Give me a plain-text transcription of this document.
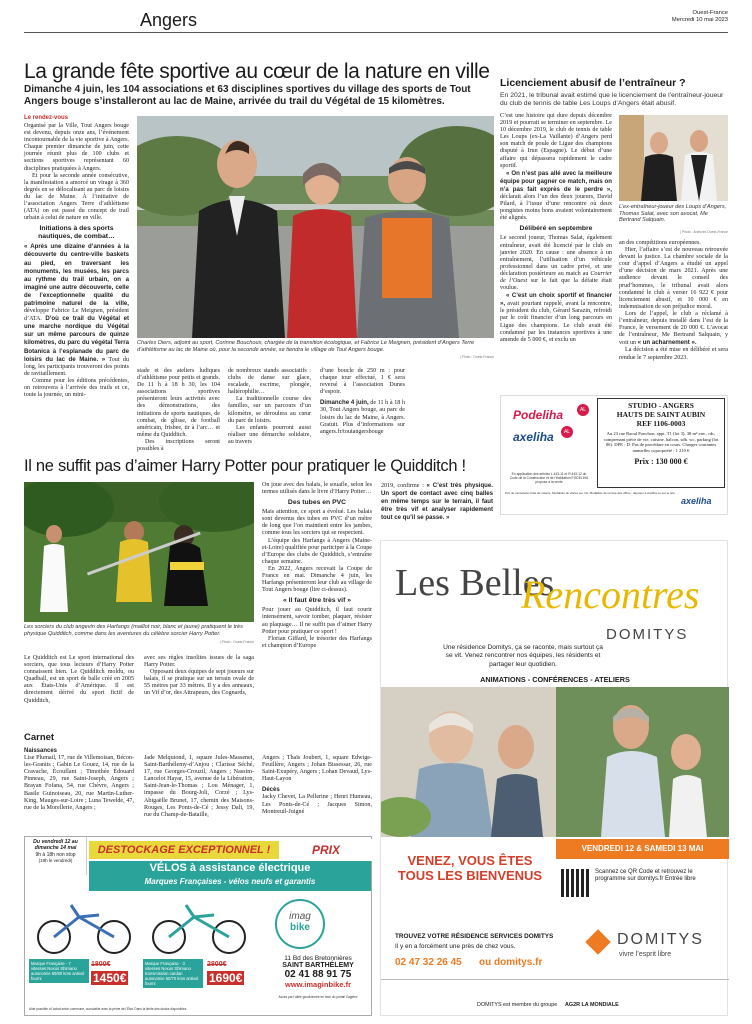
Angers	Ouest-France
Mercredi 10 mai 2023
La grande fête sportive au cœur de la nature en ville
Dimanche 4 juin, les 104 associations et 63 disciplines sportives du village des sports de Tout Angers bouge s’installeront au lac de Maine, arrivée du trail du Végétal de 15 kilomètres.
Le rendez-vous
Organisé par la Ville, Tout Angers bouge est devenu, depuis onze ans, l’événement incontournable de la vie sportive à Angers. Chaque premier dimanche de juin, cette journée réunit plus de 100 clubs et sections sportives représentant 60 disciplines pratiquées à Angers.
Et pour la seconde année consécutive, la manifestation a amorcé un virage à 360 degrés en se délocalisant au parc de loisirs du lac de Maine. À l’initiative de l’association Angers Terre d’athlétisme (ATA) on est passé du concept de trail urbain à celui de nature en ville.
Initiations à des sports nautiques, de combat…
« Après une dizaine d’années à la découverte du centre-ville baskets au pied, en traversant les monuments, les musées, les parcs au rythme du trail urbain, on a imaginé une autre découverte, celle de l’exceptionnelle qualité du patrimoine naturel de la ville, développe Fabrice Le Meignen, président d’ATA. D’où ce trail du Végétal et une marche nordique du Végétal sur un même parcours de quinze kilomètres, du parc du végétal Terra Botanica à l’esplanade du parc de loisirs du lac de Maine. » Tout du long, les participants trouveront des points de ravitaillement.
Comme pour les éditions précédentes, on retrouvera à l’arrivée des trails et ce, toute la journée, un mini-
Charles Diers, adjoint au sport, Corinne Bouchoux, chargée de la transition écologique, et Fabrice Le Meignen, président d’Angers Terre d’athlétisme au lac de Maine où, pour la seconde année, se tiendra le village de Tout Angers bouge.
| Photo : Ouest-France
stade et des ateliers ludiques d’athlétisme pour petits et grands. De 11 h à 18 h 30, les 104 associations sportives présenteront leurs activités avec des démonstrations, des initiations de sports nautiques, de combat, de glisse, de football américain, frisbee, tir à l’arc… et même du Quidditch.
Des inscriptions seront possibles à
de nombreux stands associatifs : clubs de danse sur glace, escalade, escrime, plongée, haltérophilie…
La traditionnelle course des familles, sur un parcours d’un kilomètre, se déroulera au cœur du parc de loisirs.
Les enfants pourront aussi réaliser une démarche solidaire, au travers
d’une boucle de 250 m : pour chaque tour effectué, 1 € sera reversé à l’association Dunes d’espoir.
Dimanche 4 juin, de 11 h à 18 h 30, Tout Angers bouge, au parc de loisirs du lac de Maine, à Angers. Gratuit. Plus d’informations sur angers.fr/toutangersbouge
Licenciement abusif de l’entraîneur ?
En 2021, le tribunal avait estimé que le licenciement de l’entraîneur-joueur du club de tennis de table Les Loups d’Angers était abusif.
C’est une histoire qui dure depuis décembre 2019 et pourrait se terminer en septembre. Le 10 décembre 2019, le club de tennis de table Les Loups (ex-La Vaillante) d’Angers perd son match de poule de Ligue des champions disputé à Irun (Espagne). Le début d’une affaire qui dépassera rapidement le cadre sportif.
« On n’est pas allé avec la meilleure équipe pour gagner ce match, mais on n’a pas fait exprès de le perdre », déclarait alors l’un des deux joueurs, David Pilard, à l’issue d’une rencontre où deux pongistes moins bons avaient volontairement été alignés.
Délibéré en septembre
Le second joueur, Thomas Salat, également entraîneur, avait été licencié par le club en janvier 2020. En cause : une absence à un entraînement, l’utilisation d’un véhicule professionnel dans un cadre privé, et une déclaration postérieure au match au Courrier de l’Ouest sur le fait que la défaite était voulue.
« C’est un choix sportif et financier », avait pourtant rappelé, avant la rencontre, le président du club, Gérard Sarazin, refroidi par le coût financier d’un long parcours en Ligue des champions. Le club avait été condamné par les instances sportives à une amende de 5 000 €, et exclu un
L’ex-entraîneur-joueur des Loups d’Angers, Thomas Salat, avec son avocat, Me Bertrand Salquain.
| Photo : Archives Ouest-France
an des compétitions européennes.
Hier, l’affaire s’est de nouveau retrouvée devant la justice. La chambre sociale de la cour d’appel d’Angers a étudié un appel d’une décision de mars 2021. Après une audience devant le conseil des prud’hommes, le tribunal avait alors condamné le club à verser 16 922 € pour licenciement abusif, et 10 000 € en indemnisation de son préjudice moral.
Lors de l’appel, le club a réclamé à l’entraîneur, depuis installé dans l’est de la France, le versement de 20 000 €. L’avocat de l’entraîneur, Me Bertrand Salquain, y voit un « un acharnement ».
La décision a été mise en délibéré et sera rendue le 7 septembre 2023.
Podeliha	AL
axeliha	AL
En application des articles L.443-11 et R.443-12 du Code de la Construction et de l’Habitation PODELIHA propose à la vente
STUDIO - ANGERS
HAUTS DE SAINT AUBIN
REF 1106-0003
Au 23 rue Raoul Ponchon, appt. T1 (lot 3), 38 m² env., rdc, comprenant pièce de vie, cuisine, balcon, sdb. wc, parking (lot 86). DPE : D. Pas de procédure en cours. Charges courantes annuelles copropriété : 1 210 €
Prix : 130 000 €
Prix de vente/avec frais de notaire. Modalités de visites sur rdv. Modalités de remise des offres : déposer à Axéliha ou sur le site.
axeliha
Il ne suffit pas d’aimer Harry Potter pour pratiquer le Quidditch !
Les sorciers du club angevin des Harfangs (maillot noir, blanc et jaune) pratiquent le très physique Quidditch, comme dans les aventures du célèbre sorcier Harry Potter.
| Photo : Ouest-France
Le Quidditch est Le sport international des sorciers, que tous lecteurs d’Harry Potter connaissent bien. Le Quidditch moldu, ou Quadball, est un sport de balle créé en 2005 aux États-Unis d’Amérique. Il est directement dérivé du sport fictif de Quidditch,
avec ses règles insolites issues de la saga Harry Potter.
Opposant deux équipes de sept joueurs sur balais, il se pratique sur un terrain ovale de 55 mètres par 33 mètres. Il y a des anneaux, un Vif d’or, des Attrapeurs, des Cognards,
On joue avec des balais, le souafle, selon les termes utilisés dans le livre d’Harry Potter…
Des tubes en PVC
Mais attention, ce sport a évolué. Les balais sont devenus des tubes en PVC d’un mètre de long que l’on maintient entre les jambes, comme tous les sorciers qui se respectent.
L’équipe des Harfangs à Angers (Maine-et-Loire) qualifiée pour participer à la Coupe d’Europe des clubs de Quidditch, s’entraîne chaque semaine.
En 2022, Angers recevait la Coupe de France en mai. Dimanche 4 juin, les Harfangs présenteront leur club au village de Tout Angers bouge (lire ci-dessus).
« Il faut être très vif »
Pour jouer au Quidditch, il faut courir intensément, savoir tomber, plaquer, résister au plaquage… Il ne suffit pas d’aimer Harry Potter pour pratiquer ce sport !
Florian Giffard, le trésorier des Harfangs et champion d’Europe
2019, confirme : « C’est très physique. Un sport de contact avec cinq balles en même temps sur le terrain, il faut être très vif et analyser rapidement tout ce qu’il se passe. »
Carnet
Naissances
Lise Plumail, 17, rue de Villemoisan, Bécon-les-Granits ; Gabin Le Gouez, 14, rue de la Cravache, Écouflant ; Timothée Édouard Pinneau, 29, rue Saint-Joseph, Angers ; Brayan Fofana, 54, rue Chèvre, Angers ; Basile Guinoiseau, 20, rue Martin-Luther-King, Mauges-sur-Loire ; Luna Tewelde, 47, rue de la Morellerie, Angers ;
Jade Melquiond, 1, square Jules-Massenet, Saint-Barthélemy-d’Anjou ; Clarisse Séché, 17, rue Georges-Crouzil, Angers ; Nassim-Lancelot Hayar, 15, avenue de la Libération, Saint-Jean-le-Thomas ; Lou Ménager, 1, impasse du Bourg-Joli, Corzé ; Lys-Abigaëlle Brunet, 17, chemin des Maisons-Rouges, Les Ponts-de-Cé ; Jessy Dali, 19, rue du Champ-de-Bataille,
Angers ; Thaïs Joubert, 1, square Edwige-Feuillère, Angers ; Johan Bissessar, 26, rue Saint-Exupéry, Angers ; Lohan Devaud, Lys-Haut-Layon
Décès
Jacky Chevet, La Pellerine ; Henri Humeau, Les Ponts-de-Cé ; Jacques Simon, Montreuil-Juigné
Du vendredi 12 au dimanche 14 mai
9h à 18h non stop
(19h le vendredi)
DESTOCKAGE EXCEPTIONNEL !	PRIX
VÉLOS à assistance électrique
Marques Françaises - vélos neufs et garantis
Marque Française · 7 vitesses Nexus Shimano autonomie 60/80 kms antivol fourni
1800€
1450€
Marque Française · 3 vitesses Nexus Shimano transmission cardan autonomie 50/70 kms antivol fourni
2800€
1690€
Aide possible à l’achat selon commune, cumulable avec la prime de l’État. Dans la limite des stocks disponibles
imag
bike
11 Bd des Bretonnières
SAINT BARTHÉLEMY
02 41 88 91 75
www.imaginbike.fr
Accès par l’allée goudronnée en face du portail Cagelec
Les Belles
Rencontres
DOMITYS
Une résidence Domitys, ça se raconte, mais surtout ça se vit. Venez rencontrer nos équipes, les résidents et partager leur quotidien.
ANIMATIONS - CONFÉRENCES - ATELIERS
VENEZ, VOUS ÊTES TOUS LES BIENVENUS
VENDREDI 12 & SAMEDI 13 MAI
Scannez ce QR Code et retrouvez le programme sur domitys.fr Entrée libre
TROUVEZ VOTRE RÉSIDENCE SERVICES DOMITYS
Il y en a forcément une près de chez vous.
02 47 32 26 45 ou domitys.fr
DOMITYS
vivre l’esprit libre
DOMITYS est membre du groupe AG2R LA MONDIALE
